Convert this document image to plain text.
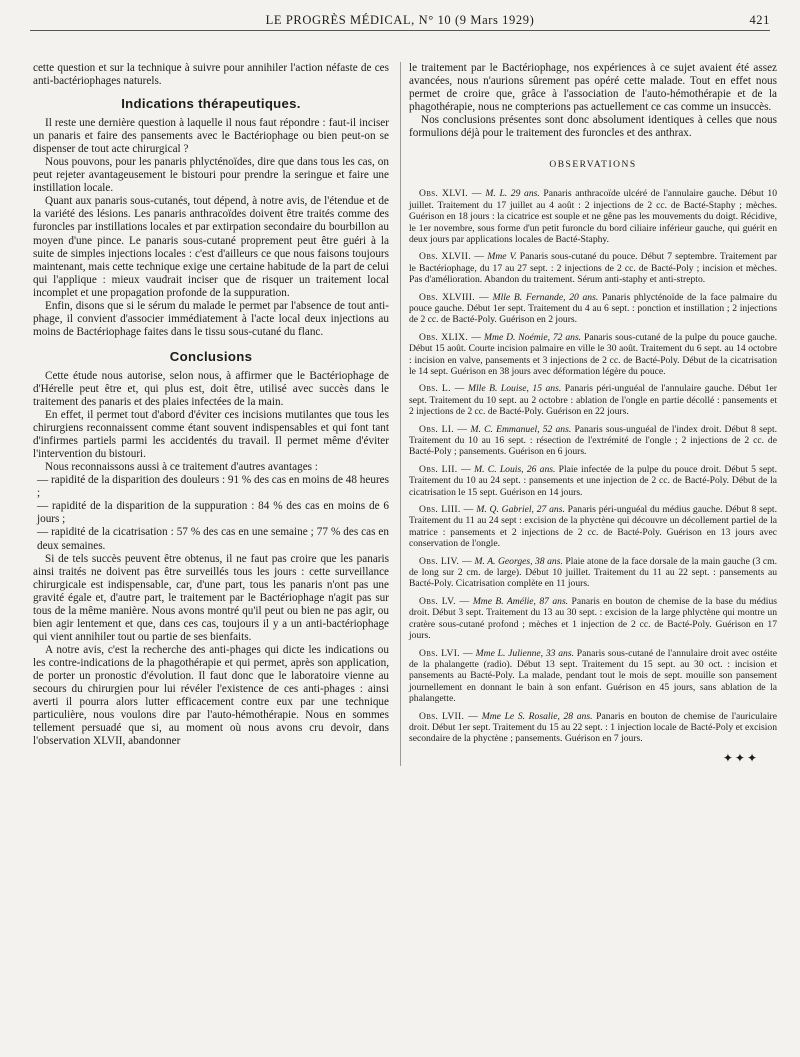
LE PROGRÈS MÉDICAL, N° 10 (9 Mars 1929)	421

cette question et sur la technique à suivre pour annihiler l'action néfaste de ces anti-bactériophages naturels.

Indications thérapeutiques.

Il reste une dernière question à laquelle il nous faut répondre : faut-il inciser un panaris et faire des pansements avec le Bactériophage ou bien peut-on se dispenser de tout acte chirurgical ?

Nous pouvons, pour les panaris phlycténoïdes, dire que dans tous les cas, on peut rejeter avantageusement le bistouri pour prendre la seringue et faire une instillation locale.

Quant aux panaris sous-cutanés, tout dépend, à notre avis, de l'étendue et de la variété des lésions. Les panaris anthracoïdes doivent être traités comme des furoncles par instillations locales et par extirpation secondaire du bourbillon au moyen d'une pince. Le panaris sous-cutané proprement peut être guéri à la suite de simples injections locales : c'est d'ailleurs ce que nous faisons toujours maintenant, mais cette technique exige une certaine habitude de la part de celui qui l'applique : mieux vaudrait inciser que de risquer un traitement local incomplet et une propagation profonde de la suppuration.

Enfin, disons que si le sérum du malade le permet par l'absence de tout anti-phage, il convient d'associer immédiatement à l'acte local deux injections au moins de Bactériophage faites dans le tissu sous-cutané du flanc.

Conclusions

Cette étude nous autorise, selon nous, à affirmer que le Bactériophage de d'Hérelle peut être et, qui plus est, doit être, utilisé avec succès dans le traitement des panaris et des plaies infectées de la main.

En effet, il permet tout d'abord d'éviter ces incisions mutilantes que tous les chirurgiens reconnaissent comme étant souvent indispensables et qui font tant d'infirmes partiels parmi les accidentés du travail. Il permet même d'éviter l'intervention du bistouri.

Nous reconnaissons aussi à ce traitement d'autres avantages :

— rapidité de la disparition des douleurs : 91 % des cas en moins de 48 heures ;

— rapidité de la disparition de la suppuration : 84 % des cas en moins de 6 jours ;

— rapidité de la cicatrisation : 57 % des cas en une semaine ; 77 % des cas en deux semaines.

Si de tels succès peuvent être obtenus, il ne faut pas croire que les panaris ainsi traités ne doivent pas être surveillés tous les jours : cette surveillance chirurgicale est indispensable, car, d'une part, tous les panaris n'ont pas une gravité égale et, d'autre part, le traitement par le Bactériophage n'agit pas sur tous de la même manière. Nous avons montré qu'il peut ou bien ne pas agir, ou bien agir lentement et que, dans ces cas, toujours il y a un anti-bactériophage qui vient annihiler tout ou partie de ses bienfaits.

A notre avis, c'est la recherche des anti-phages qui dicte les indications ou les contre-indications de la phagothérapie et qui permet, après son application, de porter un pronostic d'évolution. Il faut donc que le laboratoire vienne au secours du chirurgien pour lui révéler l'existence de ces anti-phages : ainsi averti il pourra alors lutter efficacement contre eux par une technique particulière, nous voulons dire par l'auto-hémothérapie. Nous en sommes tellement persuadé que si, au moment où nous avons cru devoir, dans l'observation XLVII, abandonner

le traitement par le Bactériophage, nos expériences à ce sujet avaient été assez avancées, nous n'aurions sûrement pas opéré cette malade. Tout en effet nous permet de croire que, grâce à l'association de l'auto-hémothérapie et de la phagothérapie, nous ne compterions pas actuellement ce cas comme un insuccès.

Nos conclusions présentes sont donc absolument identiques à celles que nous formulions déjà pour le traitement des furoncles et des anthrax.

OBSERVATIONS

Obs. XLVI. — M. L. 29 ans. Panaris anthracoïde ulcéré de l'annulaire gauche. Début 10 juillet. Traitement du 17 juillet au 4 août : 2 injections de 2 cc. de Bacté-Staphy ; mèches. Guérison en 18 jours : la cicatrice est souple et ne gêne pas les mouvements du doigt. Récidive, le 1er novembre, sous forme d'un petit furoncle du bord ciliaire inférieur gauche, qui guérit en deux jours par applications locales de Bacté-Staphy.

Obs. XLVII. — Mme V. Panaris sous-cutané du pouce. Début 7 septembre. Traitement par le Bactériophage, du 17 au 27 sept. : 2 injections de 2 cc. de Bacté-Poly ; incision et mèches. Pas d'amélioration. Abandon du traitement. Sérum anti-staphy et anti-strepto.

Obs. XLVIII. — Mlle B. Fernande, 20 ans. Panaris phlycténoïde de la face palmaire du pouce gauche. Début 1er sept. Traitement du 4 au 6 sept. : ponction et instillation ; 2 injections de 2 cc. de Bacté-Poly. Guérison en 2 jours.

Obs. XLIX. — Mme D. Noémie, 72 ans. Panaris sous-cutané de la pulpe du pouce gauche. Début 15 août. Courte incision palmaire en ville le 30 août. Traitement du 6 sept. au 14 octobre : incision en valve, pansements et 3 injections de 2 cc. de Bacté-Poly. Début de la cicatrisation le 14 sept. Guérison en 38 jours avec déformation légère du pouce.

Obs. L. — Mlle B. Louise, 15 ans. Panaris péri-unguéal de l'annulaire gauche. Début 1er sept. Traitement du 10 sept. au 2 octobre : ablation de l'ongle en partie décollé : pansements et 2 injections de 2 cc. de Bacté-Poly. Guérison en 22 jours.

Obs. LI. — M. C. Emmanuel, 52 ans. Panaris sous-unguéal de l'index droit. Début 8 sept. Traitement du 10 au 16 sept. : résection de l'extrémité de l'ongle ; 2 injections de 2 cc. de Bacté-Poly ; pansements. Guérison en 6 jours.

Obs. LII. — M. C. Louis, 26 ans. Plaie infectée de la pulpe du pouce droit. Début 5 sept. Traitement du 10 au 24 sept. : pansements et une injection de 2 cc. de Bacté-Poly. Début de la cicatrisation le 15 sept. Guérison en 14 jours.

Obs. LIII. — M. Q. Gabriel, 27 ans. Panaris péri-unguéal du médius gauche. Début 8 sept. Traitement du 11 au 24 sept : excision de la phyctène qui découvre un décollement partiel de la matrice : pansements et 2 injections de 2 cc. de Bacté-Poly. Guérison en 13 jours avec conservation de l'ongle.

Obs. LIV. — M. A. Georges, 38 ans. Plaie atone de la face dorsale de la main gauche (3 cm. de long sur 2 cm. de large). Début 10 juillet. Traitement du 11 au 22 sept. : pansements au Bacté-Poly. Cicatrisation complète en 11 jours.

Obs. LV. — Mme B. Amélie, 87 ans. Panaris en bouton de chemise de la base du médius droit. Début 3 sept. Traitement du 13 au 30 sept. : excision de la large phlyctène qui montre un cratère sous-cutané profond ; mèches et 1 injection de 2 cc. de Bacté-Poly. Guérison en 17 jours.

Obs. LVI. — Mme L. Julienne, 33 ans. Panaris sous-cutané de l'annulaire droit avec ostéite de la phalangette (radio). Début 13 sept. Traitement du 15 sept. au 30 oct. : incision et pansements au Bacté-Poly. La malade, pendant tout le mois de sept. mouille son pansement journellement en donnant le bain à son enfant. Guérison en 45 jours, sans ablation de la phalangette.

Obs. LVII. — Mme Le S. Rosalie, 28 ans. Panaris en bouton de chemise de l'auriculaire droit. Début 1er sept. Traitement du 15 au 22 sept. : 1 injection locale de Bacté-Poly et excision secondaire de la phyctène ; pansements. Guérison en 7 jours.

✦✦✦
